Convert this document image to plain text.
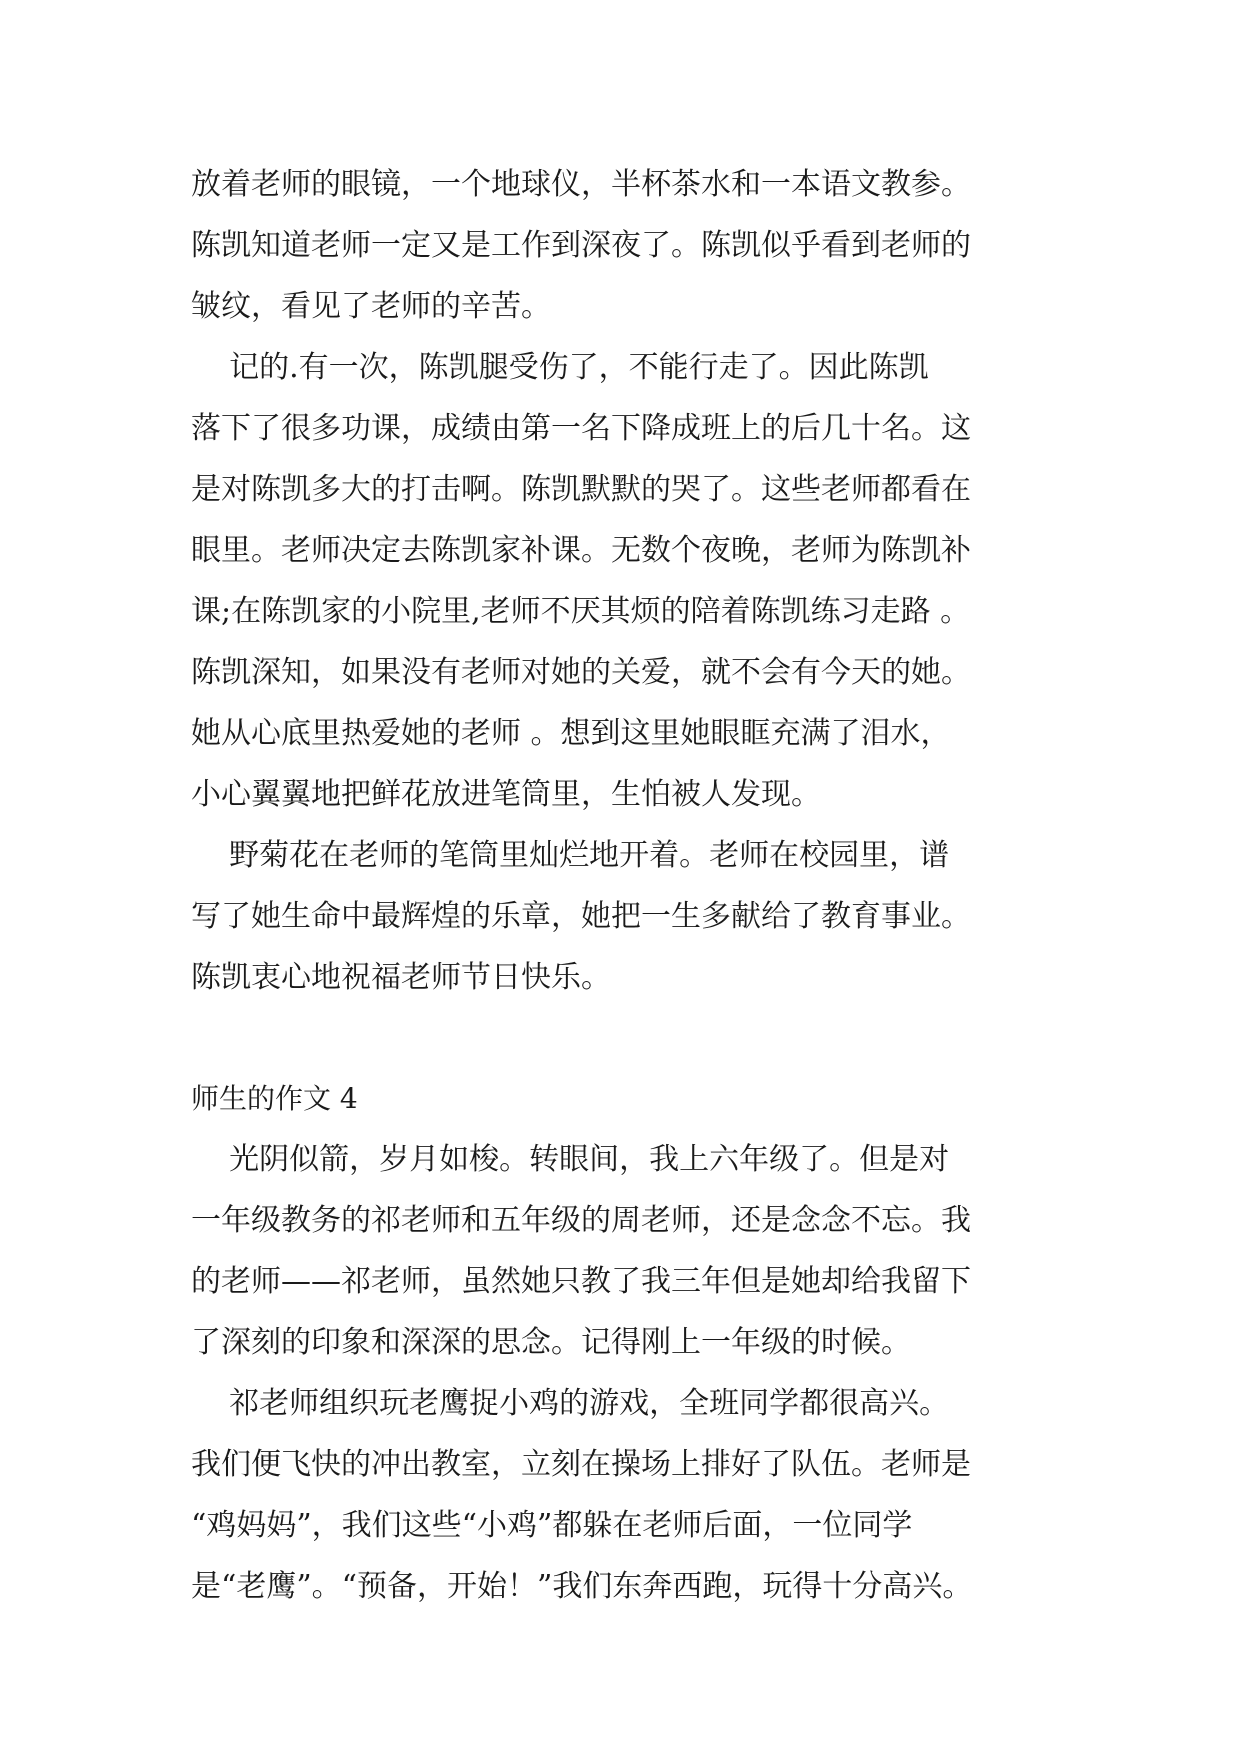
放着老师的眼镜，一个地球仪，半杯茶水和一本语文教参。
陈凯知道老师一定又是工作到深夜了。陈凯似乎看到老师的
皱纹，看见了老师的辛苦。
记的.有一次，陈凯腿受伤了，不能行走了。因此陈凯
落下了很多功课，成绩由第一名下降成班上的后几十名。这
是对陈凯多大的打击啊。陈凯默默的哭了。这些老师都看在
眼里。老师决定去陈凯家补课。无数个夜晚，老师为陈凯补
课;在陈凯家的小院里,老师不厌其烦的陪着陈凯练习走路 。
陈凯深知，如果没有老师对她的关爱，就不会有今天的她。
她从心底里热爱她的老师 。想到这里她眼眶充满了泪水，
小心翼翼地把鲜花放进笔筒里，生怕被人发现。
野菊花在老师的笔筒里灿烂地开着。老师在校园里，谱
写了她生命中最辉煌的乐章，她把一生多献给了教育事业。
陈凯衷心地祝福老师节日快乐。
师生的作文 4
光阴似箭，岁月如梭。转眼间，我上六年级了。但是对
一年级教务的祁老师和五年级的周老师，还是念念不忘。我
的老师——祁老师，虽然她只教了我三年但是她却给我留下
了深刻的印象和深深的思念。记得刚上一年级的时候。
祁老师组织玩老鹰捉小鸡的游戏，全班同学都很高兴。
我们便飞快的冲出教室，立刻在操场上排好了队伍。老师是
“鸡妈妈”，我们这些“小鸡”都躲在老师后面，一位同学
是“老鹰”。“预备，开始！”我们东奔西跑，玩得十分高兴。
